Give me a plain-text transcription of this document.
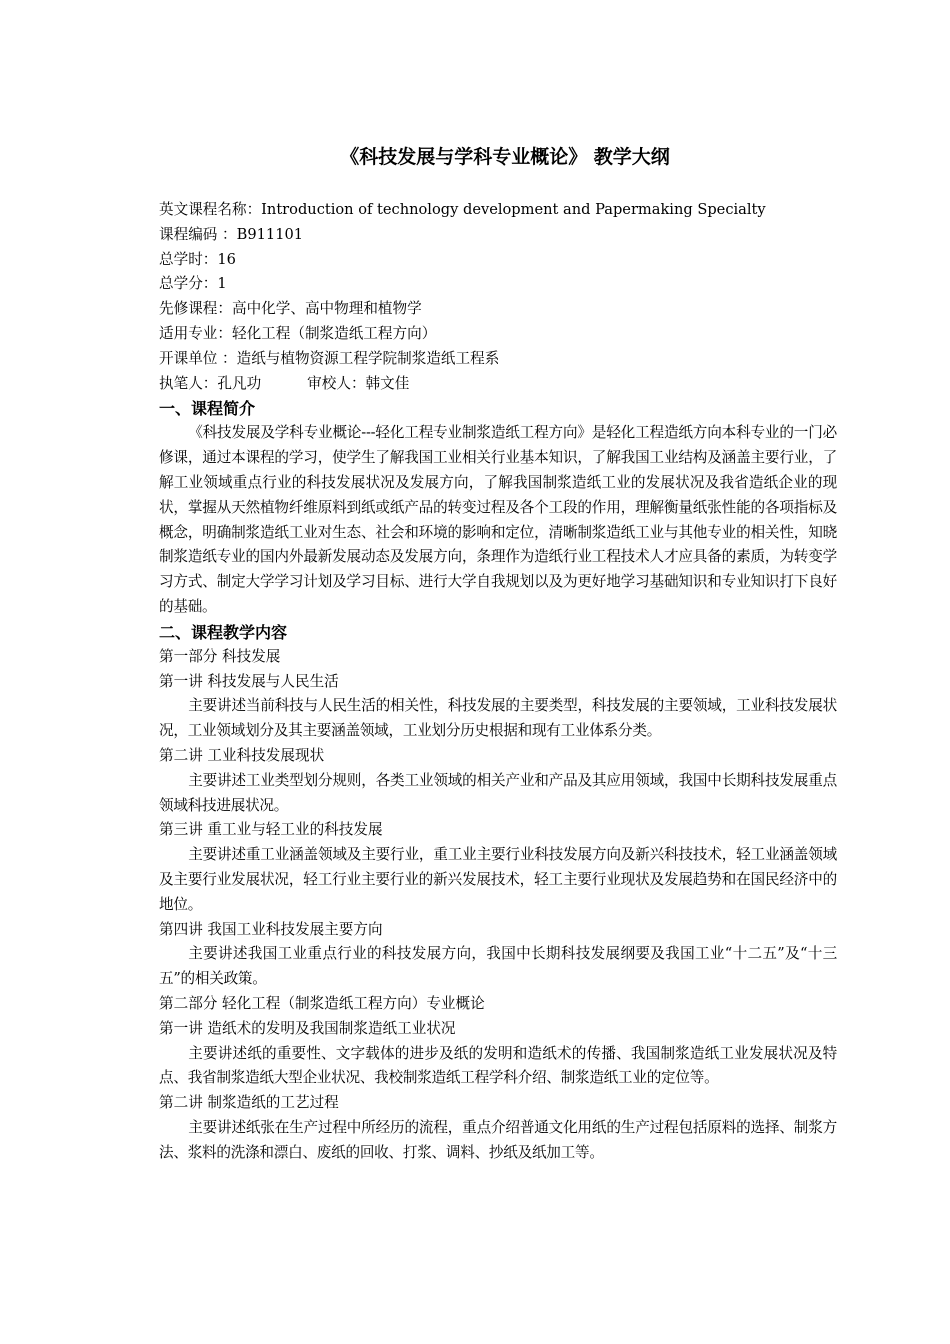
《科技发展与学科专业概论》 教学大纲
英文课程名称：Introduction of technology development and Papermaking Specialty
课程编码 ：B911101
总学时：16
总学分：1
先修课程：高中化学、高中物理和植物学
适用专业：轻化工程（制浆造纸工程方向）
开课单位 ：造纸与植物资源工程学院制浆造纸工程系
执笔人：孔凡功	审校人：韩文佳
一、课程简介
《科技发展及学科专业概论---轻化工程专业制浆造纸工程方向》是轻化工程造纸方向本科专业的一门必修课，通过本课程的学习，使学生了解我国工业相关行业基本知识，了解我国工业结构及涵盖主要行业，了解工业领域重点行业的科技发展状况及发展方向，了解我国制浆造纸工业的发展状况及我省造纸企业的现状，掌握从天然植物纤维原料到纸或纸产品的转变过程及各个工段的作用，理解衡量纸张性能的各项指标及概念，明确制浆造纸工业对生态、社会和环境的影响和定位，清晰制浆造纸工业与其他专业的相关性，知晓制浆造纸专业的国内外最新发展动态及发展方向，条理作为造纸行业工程技术人才应具备的素质，为转变学习方式、制定大学学习计划及学习目标、进行大学自我规划以及为更好地学习基础知识和专业知识打下良好的基础。
二、课程教学内容
第一部分 科技发展
第一讲 科技发展与人民生活
主要讲述当前科技与人民生活的相关性，科技发展的主要类型，科技发展的主要领域，工业科技发展状况，工业领域划分及其主要涵盖领域，工业划分历史根据和现有工业体系分类。
第二讲 工业科技发展现状
主要讲述工业类型划分规则，各类工业领域的相关产业和产品及其应用领域，我国中长期科技发展重点领域科技进展状况。
第三讲 重工业与轻工业的科技发展
主要讲述重工业涵盖领域及主要行业，重工业主要行业科技发展方向及新兴科技技术，轻工业涵盖领域及主要行业发展状况，轻工行业主要行业的新兴发展技术，轻工主要行业现状及发展趋势和在国民经济中的地位。
第四讲 我国工业科技发展主要方向
主要讲述我国工业重点行业的科技发展方向，我国中长期科技发展纲要及我国工业“十二五”及“十三五”的相关政策。
第二部分 轻化工程（制浆造纸工程方向）专业概论
第一讲 造纸术的发明及我国制浆造纸工业状况
主要讲述纸的重要性、文字载体的进步及纸的发明和造纸术的传播、我国制浆造纸工业发展状况及特点、我省制浆造纸大型企业状况、我校制浆造纸工程学科介绍、制浆造纸工业的定位等。
第二讲 制浆造纸的工艺过程
主要讲述纸张在生产过程中所经历的流程，重点介绍普通文化用纸的生产过程包括原料的选择、制浆方法、浆料的洗涤和漂白、废纸的回收、打浆、调料、抄纸及纸加工等。
